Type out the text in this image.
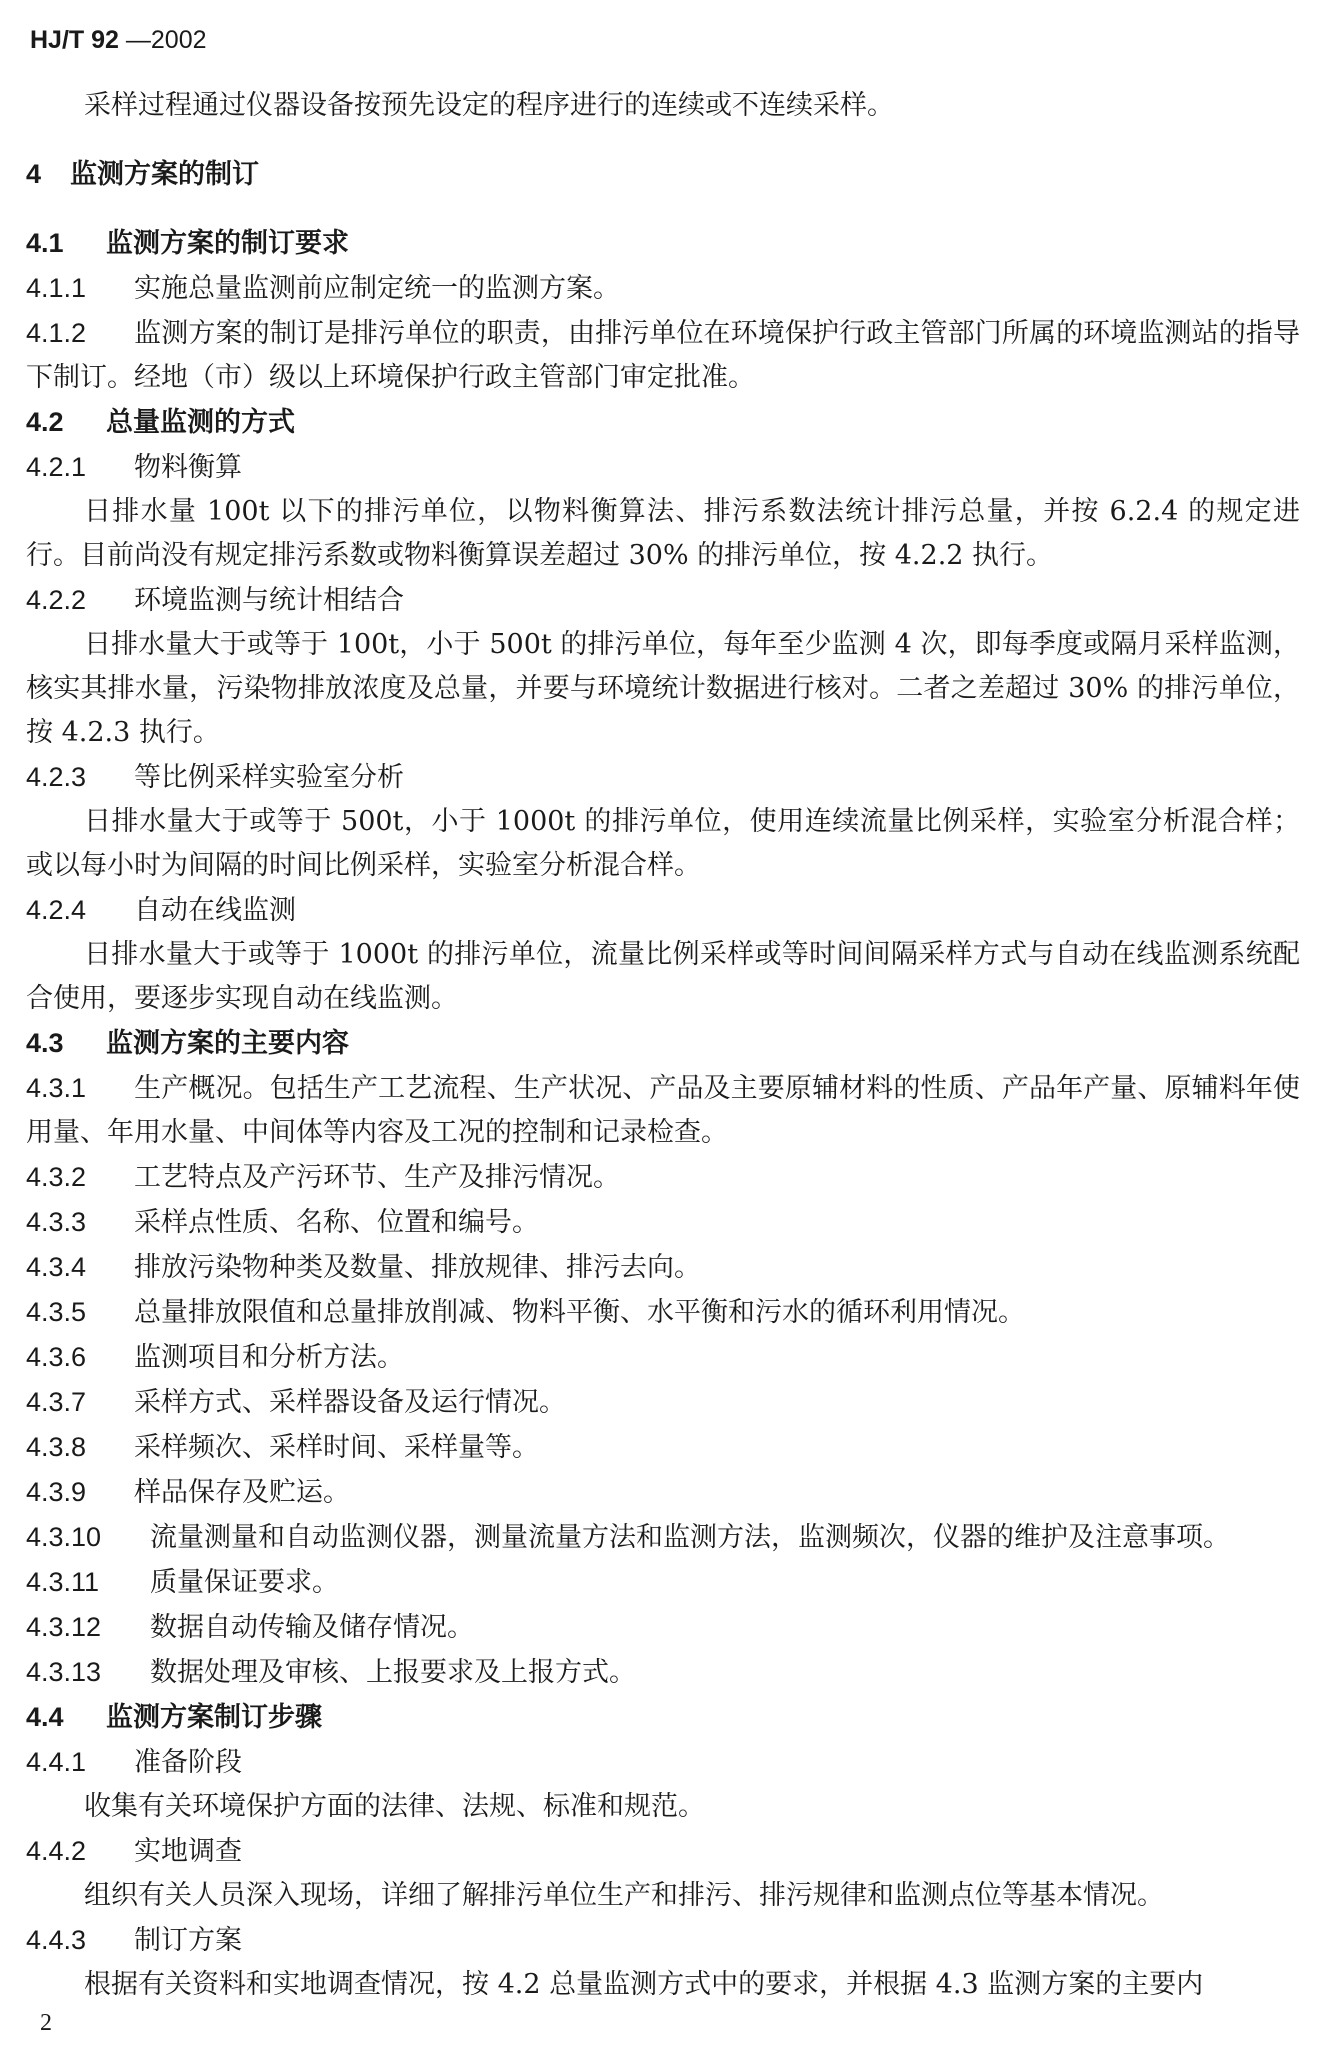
HJ/T 92 —2002
采样过程通过仪器设备按预先设定的程序进行的连续或不连续采样。
4 监测方案的制订
4.1 监测方案的制订要求
4.1.1 实施总量监测前应制定统一的监测方案。
4.1.2 监测方案的制订是排污单位的职责，由排污单位在环境保护行政主管部门所属的环境监测站的指导下制订。经地（市）级以上环境保护行政主管部门审定批准。
4.2 总量监测的方式
4.2.1 物料衡算
日排水量 100t 以下的排污单位，以物料衡算法、排污系数法统计排污总量，并按 6.2.4 的规定进行。目前尚没有规定排污系数或物料衡算误差超过 30% 的排污单位，按 4.2.2 执行。
4.2.2 环境监测与统计相结合
日排水量大于或等于 100t，小于 500t 的排污单位，每年至少监测 4 次，即每季度或隔月采样监测，核实其排水量，污染物排放浓度及总量，并要与环境统计数据进行核对。二者之差超过 30% 的排污单位，按 4.2.3 执行。
4.2.3 等比例采样实验室分析
日排水量大于或等于 500t，小于 1000t 的排污单位，使用连续流量比例采样，实验室分析混合样；或以每小时为间隔的时间比例采样，实验室分析混合样。
4.2.4 自动在线监测
日排水量大于或等于 1000t 的排污单位，流量比例采样或等时间间隔采样方式与自动在线监测系统配合使用，要逐步实现自动在线监测。
4.3 监测方案的主要内容
4.3.1 生产概况。包括生产工艺流程、生产状况、产品及主要原辅材料的性质、产品年产量、原辅料年使用量、年用水量、中间体等内容及工况的控制和记录检查。
4.3.2 工艺特点及产污环节、生产及排污情况。
4.3.3 采样点性质、名称、位置和编号。
4.3.4 排放污染物种类及数量、排放规律、排污去向。
4.3.5 总量排放限值和总量排放削减、物料平衡、水平衡和污水的循环利用情况。
4.3.6 监测项目和分析方法。
4.3.7 采样方式、采样器设备及运行情况。
4.3.8 采样频次、采样时间、采样量等。
4.3.9 样品保存及贮运。
4.3.10 流量测量和自动监测仪器，测量流量方法和监测方法，监测频次，仪器的维护及注意事项。
4.3.11 质量保证要求。
4.3.12 数据自动传输及储存情况。
4.3.13 数据处理及审核、上报要求及上报方式。
4.4 监测方案制订步骤
4.4.1 准备阶段
收集有关环境保护方面的法律、法规、标准和规范。
4.4.2 实地调查
组织有关人员深入现场，详细了解排污单位生产和排污、排污规律和监测点位等基本情况。
4.4.3 制订方案
根据有关资料和实地调查情况，按 4.2 总量监测方式中的要求，并根据 4.3 监测方案的主要内
2
